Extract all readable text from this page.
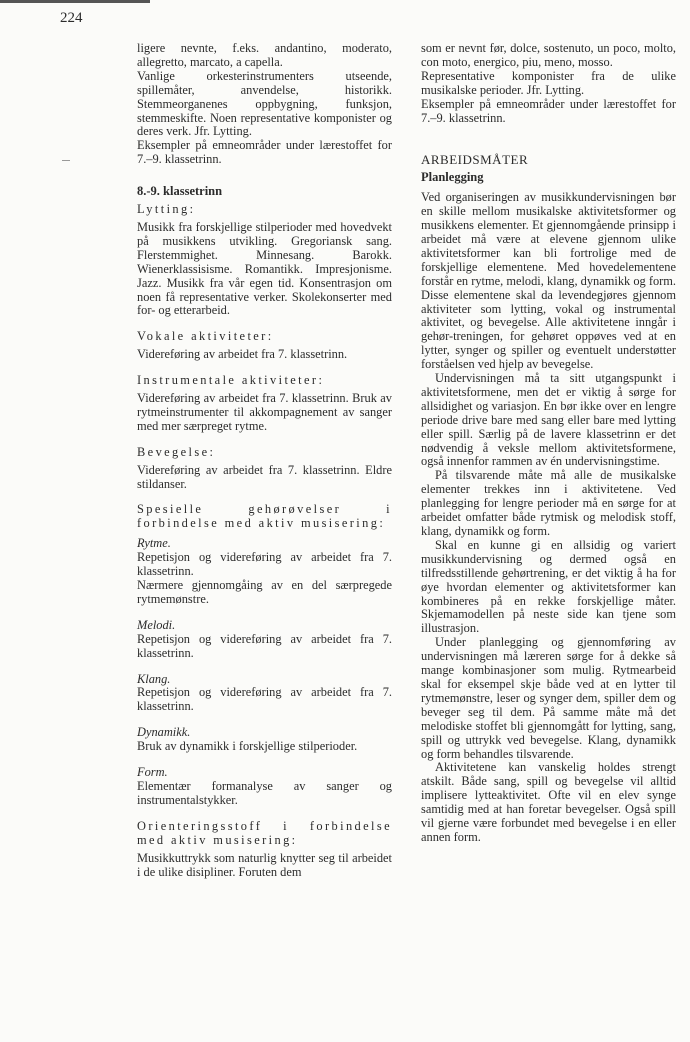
224

ligere nevnte, f.eks. andantino, moderato, allegretto, marcato, a capella.

Vanlige orkesterinstrumenters utseende, spillemåter, anvendelse, historikk. Stemmeorganenes oppbygning, funksjon, stemmeskifte. Noen representative komponister og deres verk. Jfr. Lytting.

Eksempler på emneområder under lærestoffet for 7.–9. klassetrinn.

8.-9. klassetrinn

Lytting:

Musikk fra forskjellige stilperioder med hovedvekt på musikkens utvikling. Gregoriansk sang. Flerstemmighet. Minnesang. Barokk. Wienerklassisisme. Romantikk. Impresjonisme. Jazz. Musikk fra vår egen tid. Konsentrasjon om noen få representative verker. Skolekonserter med for- og etterarbeid.

Vokale aktiviteter:

Videreføring av arbeidet fra 7. klassetrinn.

Instrumentale aktiviteter:

Videreføring av arbeidet fra 7. klassetrinn. Bruk av rytmeinstrumenter til akkompagnement av sanger med mer særpreget rytme.

Bevegelse:

Videreføring av arbeidet fra 7. klassetrinn. Eldre stildanser.

Spesielle gehørøvelser i forbindelse med aktiv musisering:

Rytme.

Repetisjon og videreføring av arbeidet fra 7. klassetrinn.

Nærmere gjennomgåing av en del særpregede rytmemønstre.

Melodi.

Repetisjon og videreføring av arbeidet fra 7. klassetrinn.

Klang.

Repetisjon og videreføring av arbeidet fra 7. klassetrinn.

Dynamikk.

Bruk av dynamikk i forskjellige stilperioder.

Form.

Elementær formanalyse av sanger og instrumentalstykker.

Orienteringsstoff i forbindelse med aktiv musisering:

Musikkuttrykk som naturlig knytter seg til arbeidet i de ulike disipliner. Foruten dem

som er nevnt før, dolce, sostenuto, un poco, molto, con moto, energico, piu, meno, mosso.

Representative komponister fra de ulike musikalske perioder. Jfr. Lytting.

Eksempler på emneområder under lærestoffet for 7.–9. klassetrinn.

ARBEIDSMÅTER

Planlegging

Ved organiseringen av musikkundervisningen bør en skille mellom musikalske aktivitetsformer og musikkens elementer. Et gjennomgående prinsipp i arbeidet må være at elevene gjennom ulike aktivitetsformer kan bli fortrolige med de forskjellige elementene. Med hovedelementene forstår en rytme, melodi, klang, dynamikk og form. Disse elementene skal da levendegjøres gjennom aktiviteter som lytting, vokal og instrumental aktivitet, og bevegelse. Alle aktivitetene inngår i gehør-treningen, for gehøret oppøves ved at en lytter, synger og spiller og eventuelt understøtter forståelsen ved hjelp av bevegelse.

Undervisningen må ta sitt utgangspunkt i aktivitetsformene, men det er viktig å sørge for allsidighet og variasjon. En bør ikke over en lengre periode drive bare med sang eller bare med lytting eller spill. Særlig på de lavere klassetrinn er det nødvendig å veksle mellom aktivitetsformene, også innenfor rammen av én undervisningstime.

På tilsvarende måte må alle de musikalske elementer trekkes inn i aktivitetene. Ved planlegging for lengre perioder må en sørge for at arbeidet omfatter både rytmisk og melodisk stoff, klang, dynamikk og form.

Skal en kunne gi en allsidig og variert musikkundervisning og dermed også en tilfredsstillende gehørtrening, er det viktig å ha for øye hvordan elementer og aktivitetsformer kan kombineres på en rekke forskjellige måter. Skjemamodellen på neste side kan tjene som illustrasjon.

Under planlegging og gjennomføring av undervisningen må læreren sørge for å dekke så mange kombinasjoner som mulig. Rytmearbeid skal for eksempel skje både ved at en lytter til rytmemønstre, leser og synger dem, spiller dem og beveger seg til dem. På samme måte må det melodiske stoffet bli gjennomgått for lytting, sang, spill og uttrykk ved bevegelse. Klang, dynamikk og form behandles tilsvarende.

Aktivitetene kan vanskelig holdes strengt atskilt. Både sang, spill og bevegelse vil alltid implisere lytteaktivitet. Ofte vil en elev synge samtidig med at han foretar bevegelser. Også spill vil gjerne være forbundet med bevegelse i en eller annen form.
